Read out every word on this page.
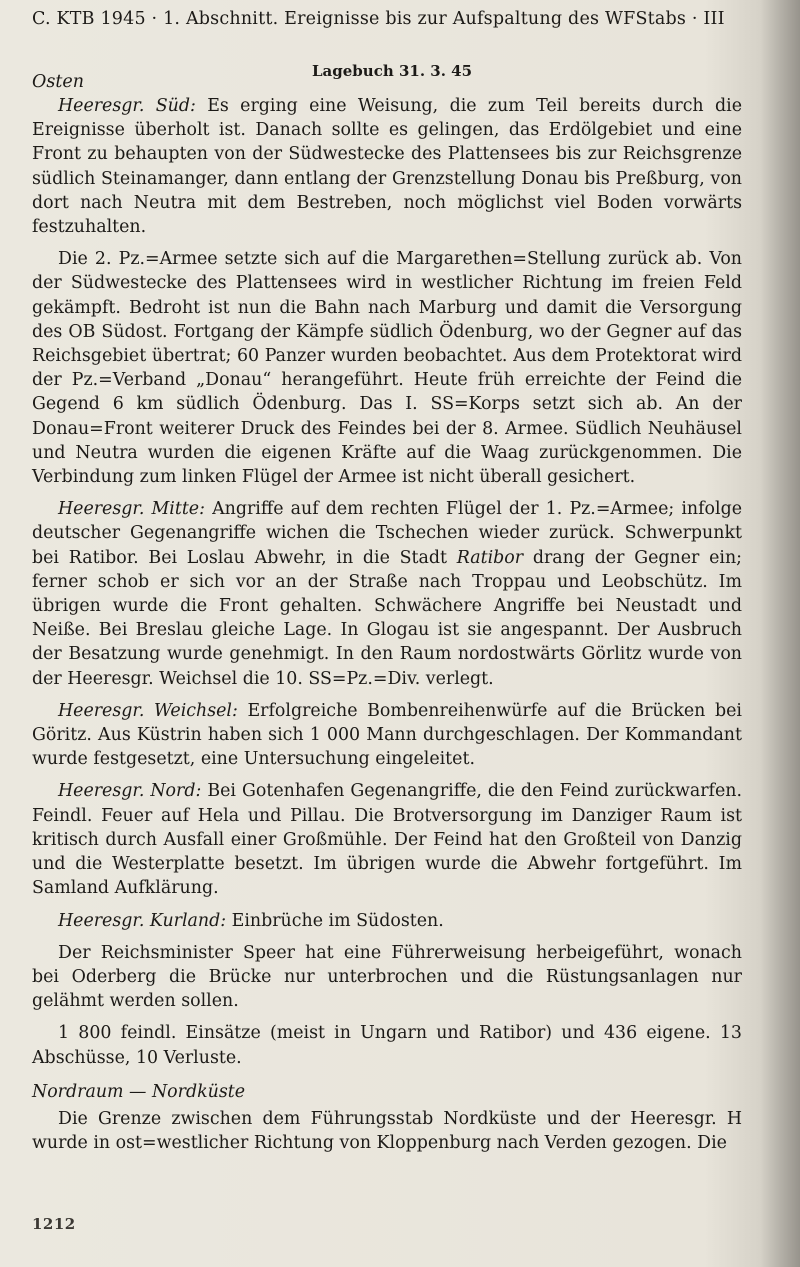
C. KTB 1945 · 1. Abschnitt. Ereignisse bis zur Aufspaltung des WFStabs · III
Lagebuch 31. 3. 45
Osten

Heeresgr. Süd: Es erging eine Weisung, die zum Teil bereits durch die Ereignisse überholt ist. Danach sollte es gelingen, das Erdölgebiet und eine Front zu behaupten von der Südwestecke des Plattensees bis zur Reichsgrenze südlich Steinamanger, dann entlang der Grenzstellung Donau bis Preßburg, von dort nach Neutra mit dem Bestreben, noch möglichst viel Boden vorwärts festzuhalten.

Die 2. Pz.=Armee setzte sich auf die Margarethen=Stellung zurück ab. Von der Südwestecke des Plattensees wird in westlicher Richtung im freien Feld gekämpft. Bedroht ist nun die Bahn nach Marburg und damit die Versorgung des OB Südost. Fortgang der Kämpfe südlich Ödenburg, wo der Gegner auf das Reichsgebiet übertrat; 60 Panzer wurden beobachtet. Aus dem Protektorat wird der Pz.=Verband „Donau“ herangeführt. Heute früh erreichte der Feind die Gegend 6 km südlich Ödenburg. Das I. SS=Korps setzt sich ab. An der Donau=Front weiterer Druck des Feindes bei der 8. Armee. Südlich Neuhäusel und Neutra wurden die eigenen Kräfte auf die Waag zurückgenommen. Die Verbindung zum linken Flügel der Armee ist nicht überall gesichert.

Heeresgr. Mitte: Angriffe auf dem rechten Flügel der 1. Pz.=Armee; infolge deutscher Gegenangriffe wichen die Tschechen wieder zurück. Schwerpunkt bei Ratibor. Bei Loslau Abwehr, in die Stadt Ratibor drang der Gegner ein; ferner schob er sich vor an der Straße nach Troppau und Leobschütz. Im übrigen wurde die Front gehalten. Schwächere Angriffe bei Neustadt und Neiße. Bei Breslau gleiche Lage. In Glogau ist sie angespannt. Der Ausbruch der Besatzung wurde genehmigt. In den Raum nordostwärts Görlitz wurde von der Heeresgr. Weichsel die 10. SS=Pz.=Div. verlegt.

Heeresgr. Weichsel: Erfolgreiche Bombenreihenwürfe auf die Brücken bei Göritz. Aus Küstrin haben sich 1 000 Mann durchgeschlagen. Der Kommandant wurde festgesetzt, eine Untersuchung eingeleitet.

Heeresgr. Nord: Bei Gotenhafen Gegenangriffe, die den Feind zurückwarfen. Feindl. Feuer auf Hela und Pillau. Die Brotversorgung im Danziger Raum ist kritisch durch Ausfall einer Großmühle. Der Feind hat den Großteil von Danzig und die Westerplatte besetzt. Im übrigen wurde die Abwehr fortgeführt. Im Samland Aufklärung.

Heeresgr. Kurland: Einbrüche im Südosten.

Der Reichsminister Speer hat eine Führerweisung herbeigeführt, wonach bei Oderberg die Brücke nur unterbrochen und die Rüstungsanlagen nur gelähmt werden sollen.

1 800 feindl. Einsätze (meist in Ungarn und Ratibor) und 436 eigene. 13 Abschüsse, 10 Verluste.

Nordraum — Nordküste

Die Grenze zwischen dem Führungsstab Nordküste und der Heeresgr. H wurde in ost=westlicher Richtung von Kloppenburg nach Verden gezogen. Die

1212
